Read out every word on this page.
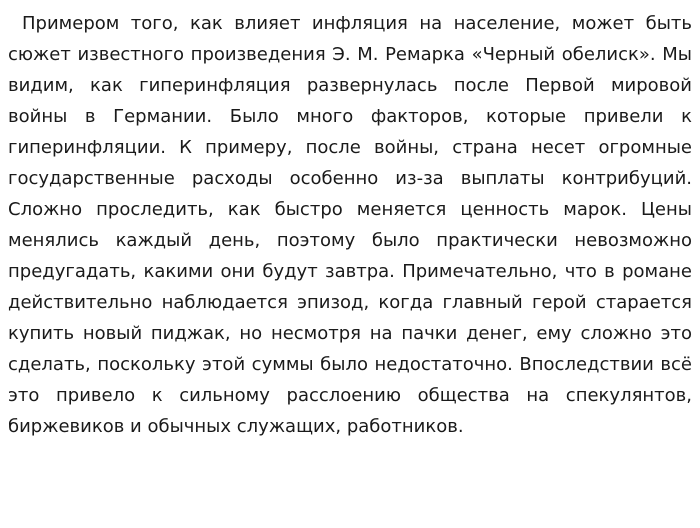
Примером того, как влияет инфляция на население, может быть сюжет известного произведения Э. М. Ремарка «Черный обелиск». Мы видим, как гиперинфляция развернулась после Первой мировой войны в Германии. Было много факторов, которые привели к гиперинфляции. К примеру, после войны, страна несет огромные государственные расходы особенно из-за выплаты контрибуций. Сложно проследить, как быстро меняется ценность марок. Цены менялись каждый день, поэтому было практически невозможно предугадать, какими они будут завтра. Примечательно, что в романе действительно наблюдается эпизод, когда главный герой старается купить новый пиджак, но несмотря на пачки денег, ему сложно это сделать, поскольку этой суммы было недостаточно. Впоследствии всё это привело к сильному расслоению общества на спекулянтов, биржевиков и обычных служащих, работников.
